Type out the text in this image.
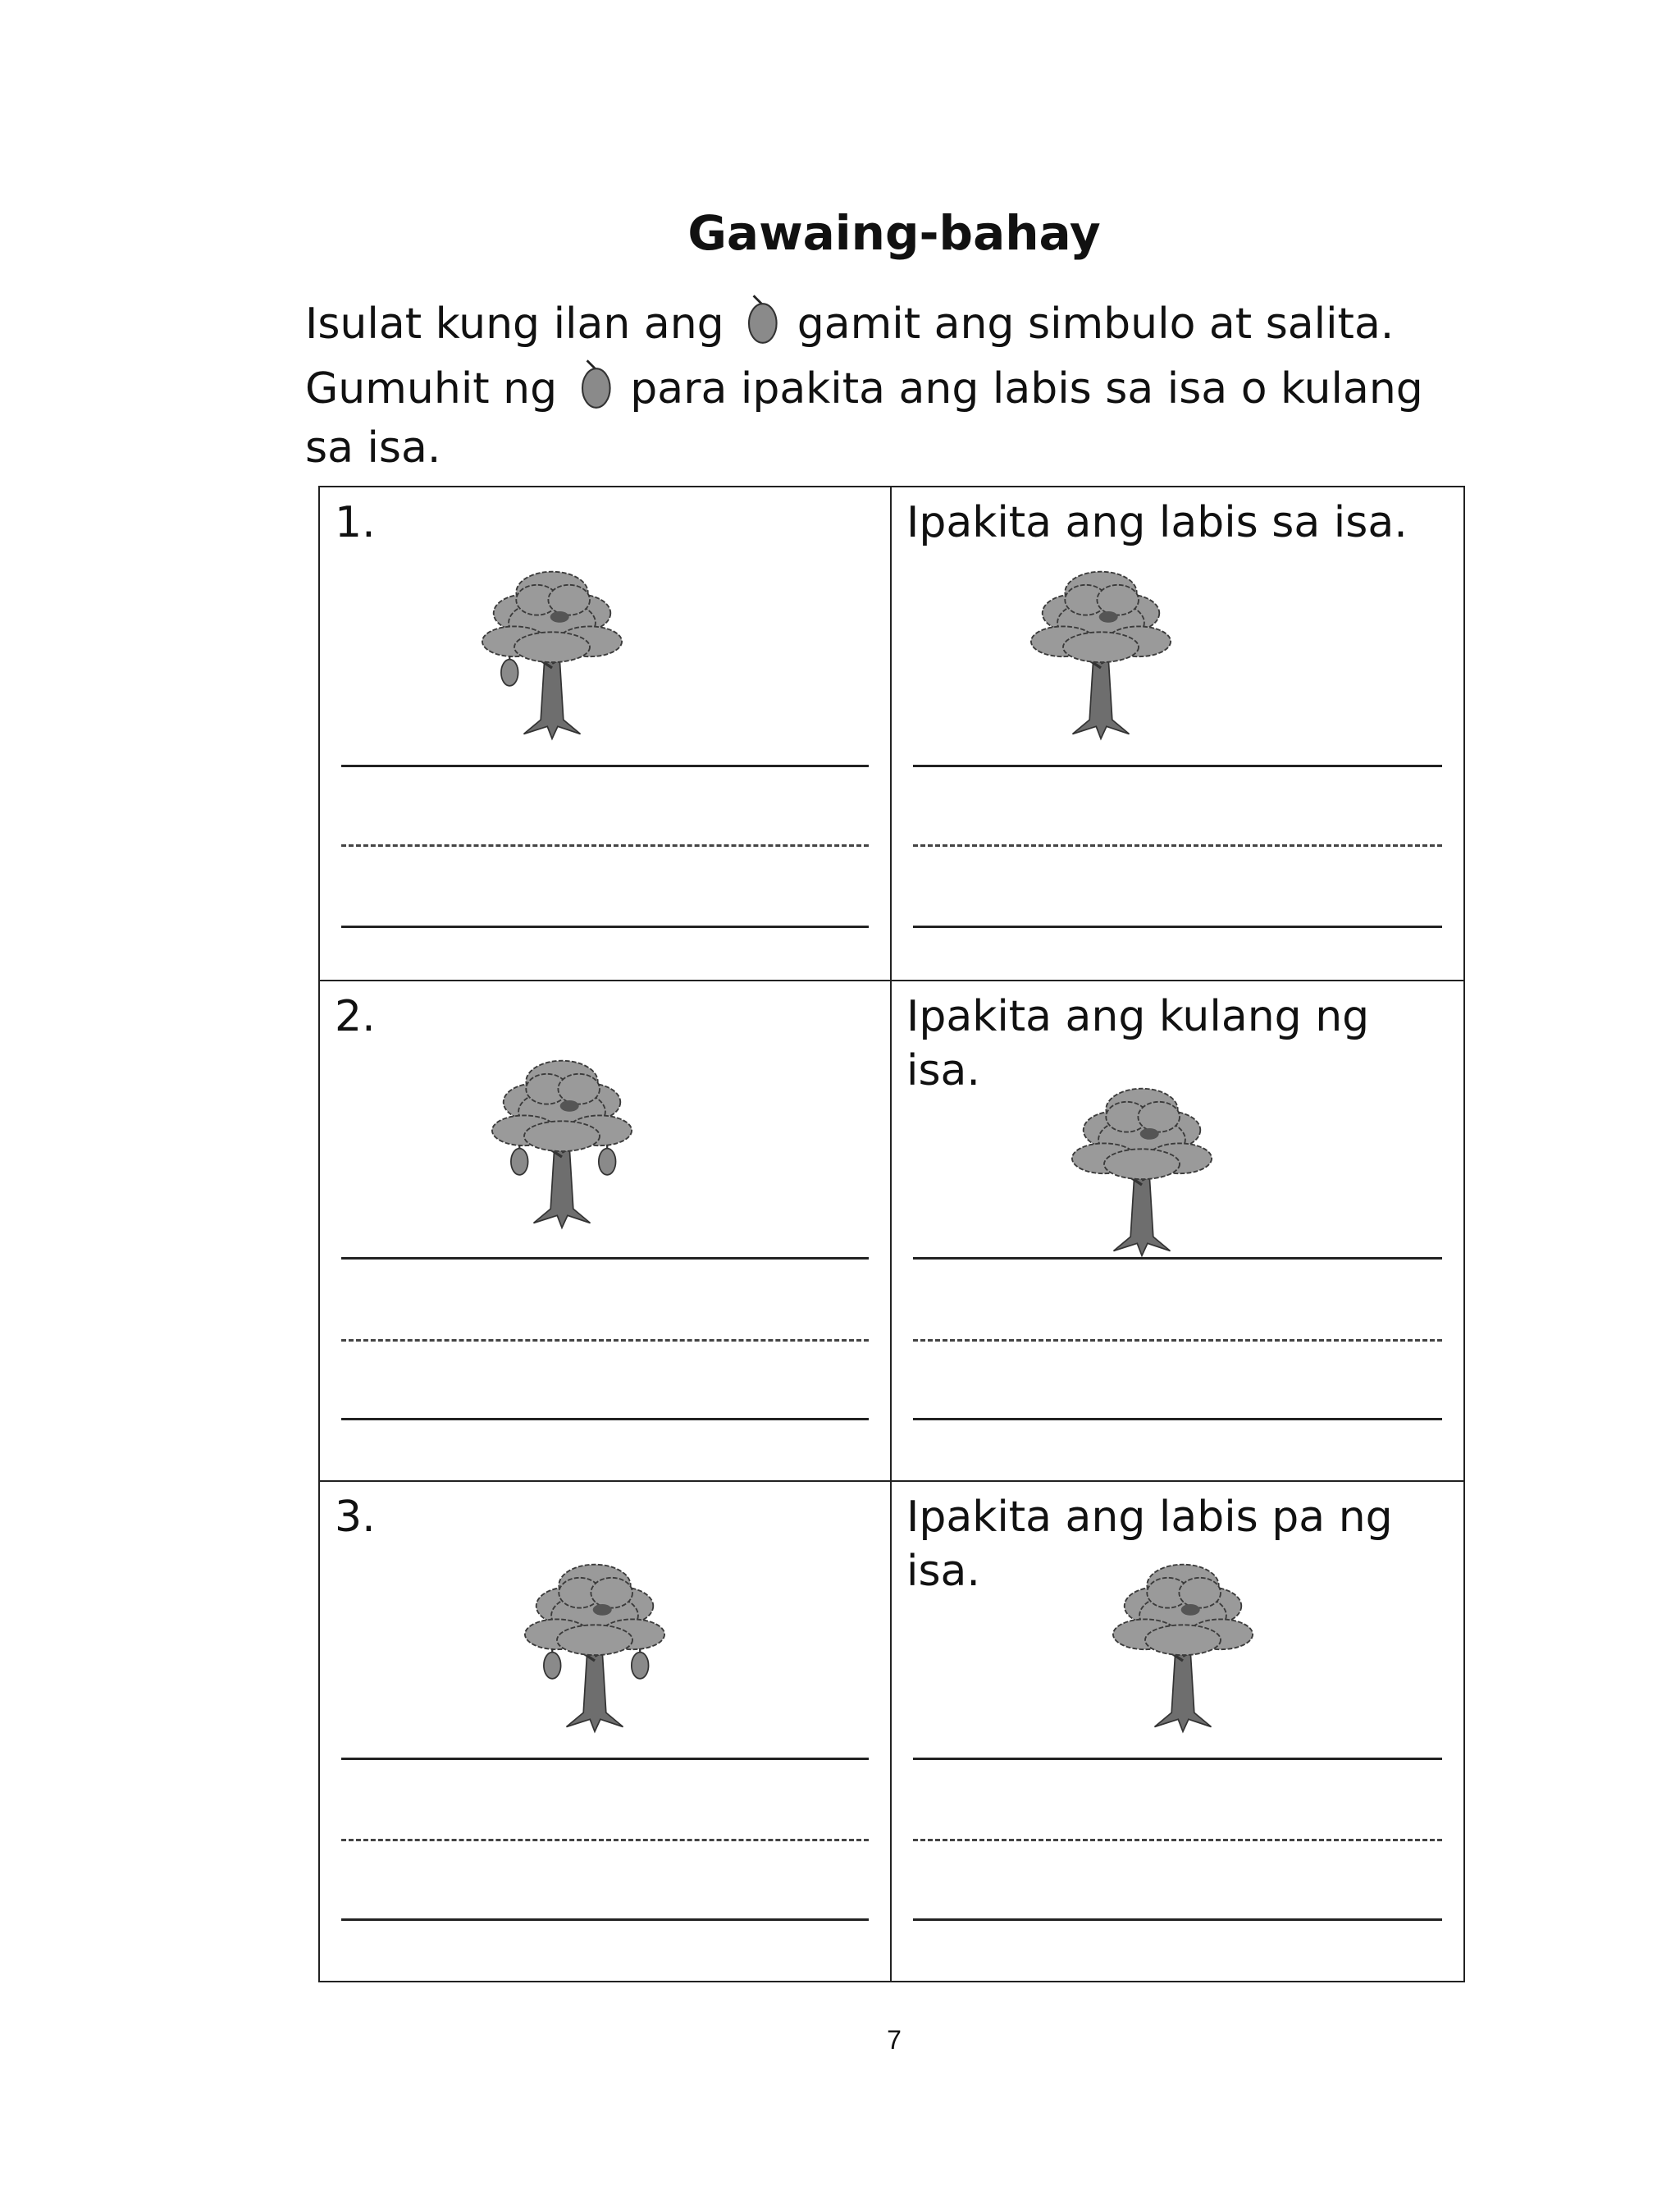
Gawaing-bahay
Isulat kung ilan ang gamit ang simbulo at salita.
Gumuhit ng para ipakita ang labis sa isa o kulang
sa isa.
1.	Ipakita ang labis sa isa.
2.	Ipakita ang kulang ng isa.
3.	Ipakita ang labis pa ng isa.
7
